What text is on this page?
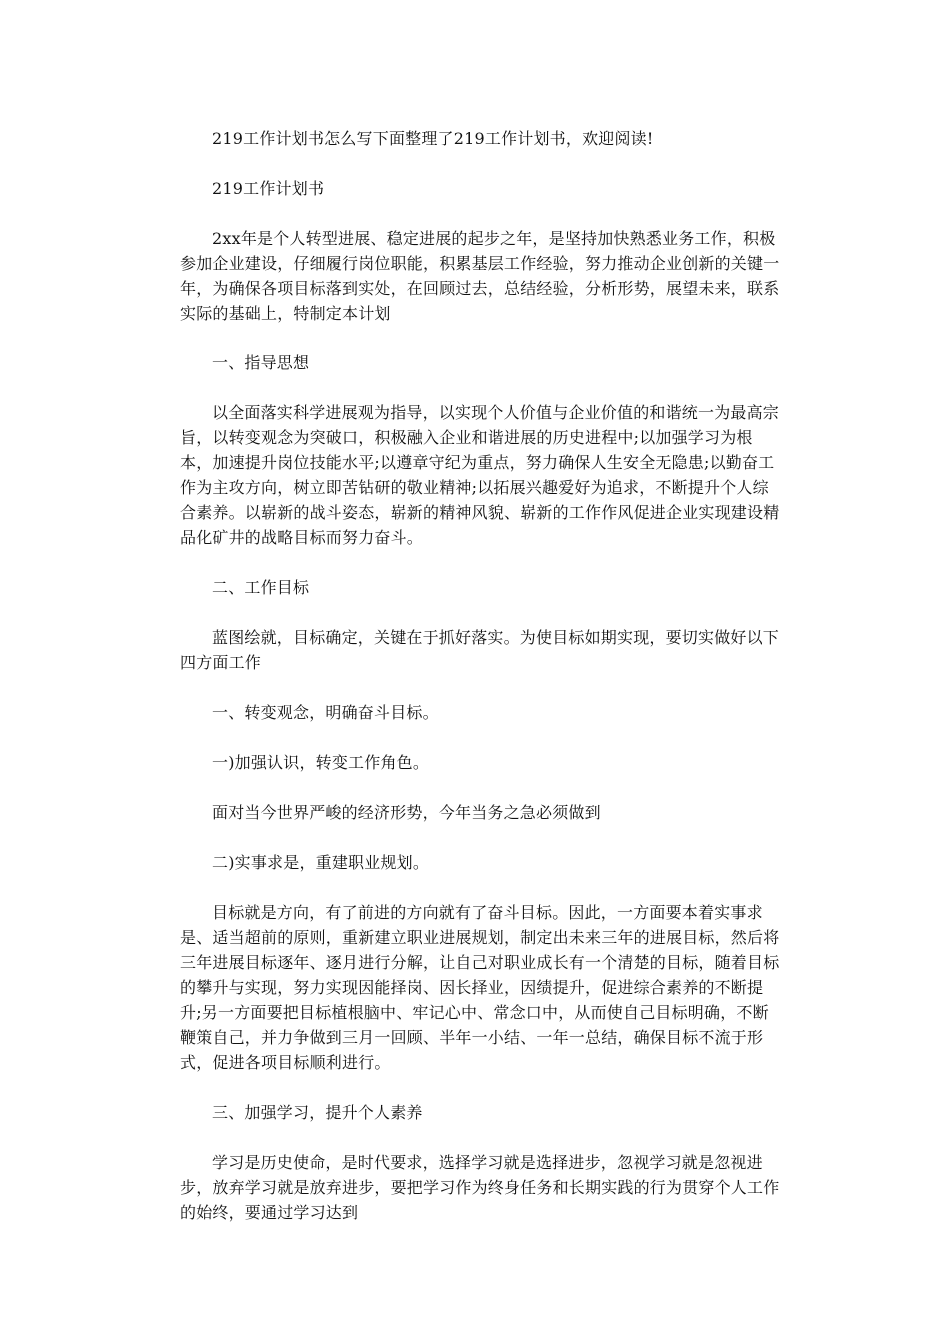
219工作计划书怎么写下面整理了219工作计划书，欢迎阅读!

219工作计划书

2xx年是个人转型进展、稳定进展的起步之年，是坚持加快熟悉业务工作，积极参加企业建设，仔细履行岗位职能，积累基层工作经验，努力推动企业创新的关键一年，为确保各项目标落到实处，在回顾过去，总结经验，分析形势，展望未来，联系实际的基础上，特制定本计划

一、指导思想

以全面落实科学进展观为指导，以实现个人价值与企业价值的和谐统一为最高宗旨，以转变观念为突破口，积极融入企业和谐进展的历史进程中;以加强学习为根本，加速提升岗位技能水平;以遵章守纪为重点，努力确保人生安全无隐患;以勤奋工作为主攻方向，树立即苦钻研的敬业精神;以拓展兴趣爱好为追求，不断提升个人综合素养。以崭新的战斗姿态，崭新的精神风貌、崭新的工作作风促进企业实现建设精品化矿井的战略目标而努力奋斗。

二、工作目标

蓝图绘就，目标确定，关键在于抓好落实。为使目标如期实现，要切实做好以下四方面工作

一、转变观念，明确奋斗目标。

一)加强认识，转变工作角色。

面对当今世界严峻的经济形势，今年当务之急必须做到

二)实事求是，重建职业规划。

目标就是方向，有了前进的方向就有了奋斗目标。因此，一方面要本着实事求是、适当超前的原则，重新建立职业进展规划，制定出未来三年的进展目标，然后将三年进展目标逐年、逐月进行分解，让自己对职业成长有一个清楚的目标，随着目标的攀升与实现，努力实现因能择岗、因长择业，因绩提升，促进综合素养的不断提升;另一方面要把目标植根脑中、牢记心中、常念口中，从而使自己目标明确，不断鞭策自己，并力争做到三月一回顾、半年一小结、一年一总结，确保目标不流于形式，促进各项目标顺利进行。

三、加强学习，提升个人素养

学习是历史使命，是时代要求，选择学习就是选择进步，忽视学习就是忽视进步，放弃学习就是放弃进步，要把学习作为终身任务和长期实践的行为贯穿个人工作的始终，要通过学习达到
